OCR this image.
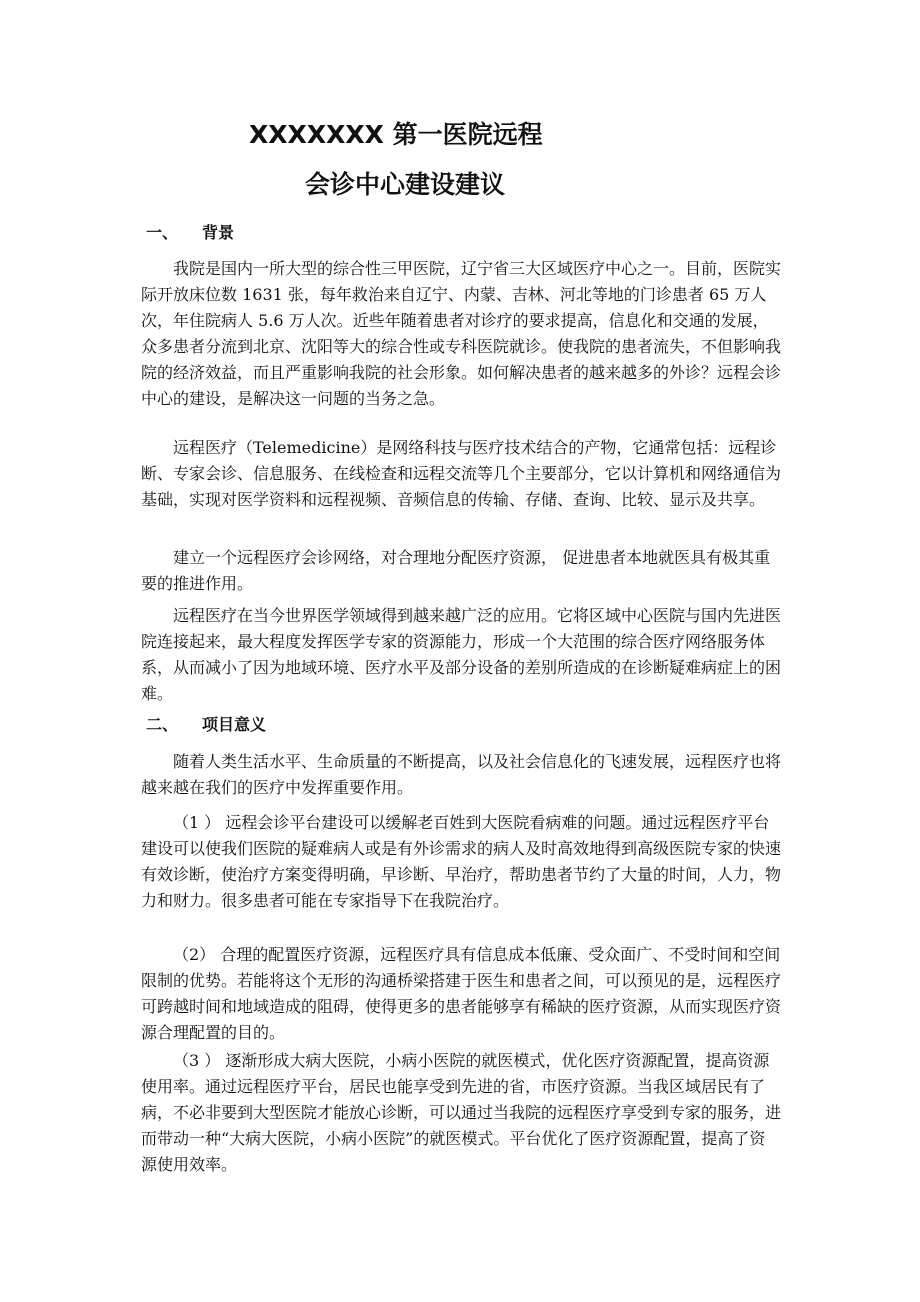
XXXXXXX 第一医院远程
会诊中心建设建议
一、 背景

我院是国内一所大型的综合性三甲医院，辽宁省三大区域医疗中心之一。目前，医院实际开放床位数 1631 张，每年救治来自辽宁、内蒙、吉林、河北等地的门诊患者 65 万人次，年住院病人 5.6 万人次。近些年随着患者对诊疗的要求提高，信息化和交通的发展，众多患者分流到北京、沈阳等大的综合性或专科医院就诊。使我院的患者流失，不但影响我院的经济效益，而且严重影响我院的社会形象。如何解决患者的越来越多的外诊？远程会诊中心的建设，是解决这一问题的当务之急。

远程医疗（Telemedicine）是网络科技与医疗技术结合的产物，它通常包括：远程诊断、专家会诊、信息服务、在线检查和远程交流等几个主要部分，它以计算机和网络通信为基础，实现对医学资料和远程视频、音频信息的传输、存储、查询、比较、显示及共享。

建立一个远程医疗会诊网络，对合理地分配医疗资源， 促进患者本地就医具有极其重要的推进作用。

远程医疗在当今世界医学领域得到越来越广泛的应用。它将区域中心医院与国内先进医院连接起来，最大程度发挥医学专家的资源能力，形成一个大范围的综合医疗网络服务体系，从而减小了因为地域环境、医疗水平及部分设备的差别所造成的在诊断疑难病症上的困难。

二、 项目意义

随着人类生活水平、生命质量的不断提高，以及社会信息化的飞速发展，远程医疗也将越来越在我们的医疗中发挥重要作用。

（1 ） 远程会诊平台建设可以缓解老百姓到大医院看病难的问题。通过远程医疗平台建设可以使我们医院的疑难病人或是有外诊需求的病人及时高效地得到高级医院专家的快速有效诊断，使治疗方案变得明确，早诊断、早治疗，帮助患者节约了大量的时间，人力，物力和财力。很多患者可能在专家指导下在我院治疗。

（2） 合理的配置医疗资源，远程医疗具有信息成本低廉、受众面广、不受时间和空间限制的优势。若能将这个无形的沟通桥梁搭建于医生和患者之间，可以预见的是，远程医疗可跨越时间和地域造成的阻碍，使得更多的患者能够享有稀缺的医疗资源，从而实现医疗资源合理配置的目的。

（3 ） 逐渐形成大病大医院，小病小医院的就医模式，优化医疗资源配置，提高资源使用率。通过远程医疗平台，居民也能享受到先进的省，市医疗资源。当我区域居民有了病，不必非要到大型医院才能放心诊断，可以通过当我院的远程医疗享受到专家的服务，进而带动一种“大病大医院，小病小医院”的就医模式。平台优化了医疗资源配置，提高了资源使用效率。
